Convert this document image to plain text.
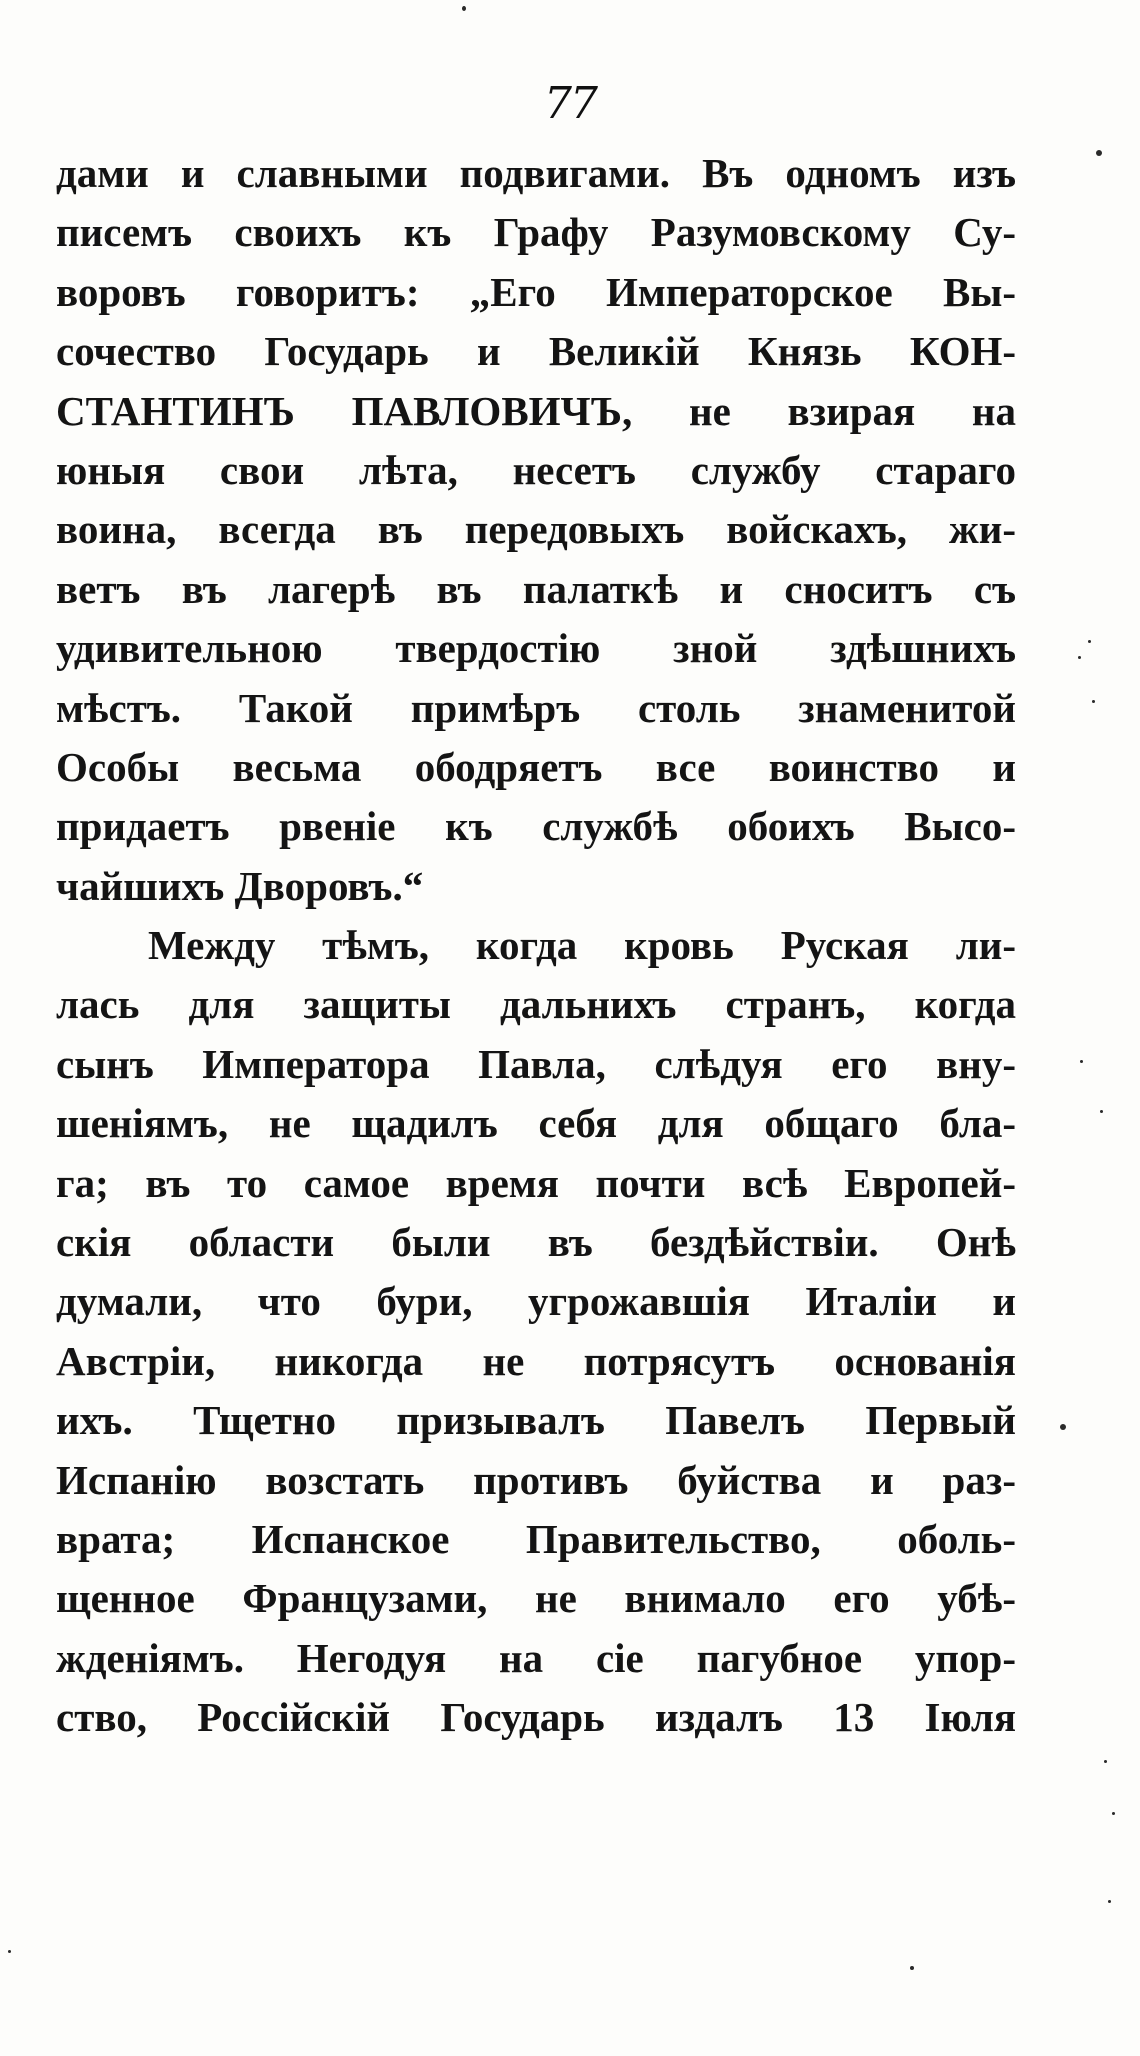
77
дами и славными подвигами. Въ одномъ изъ
писемъ своихъ къ Графу Разумовскому Су-
воровъ говоритъ: „Его Императорское Вы-
сочество Государь и Великій Князь КОН-
СТАНТИНЪ ПАВЛОВИЧЪ, не взирая на
юныя свои лѣта, несетъ службу стараго
воина, всегда въ передовыхъ войскахъ, жи-
ветъ въ лагерѣ въ палаткѣ и сноситъ съ
удивительною твердостію зной здѣшнихъ
мѣстъ. Такой примѣръ столь знаменитой
Особы весьма ободряетъ все воинство и
придаетъ рвеніе къ службѣ обоихъ Высо-
чайшихъ Дворовъ.“
Между тѣмъ, когда кровь Руская ли-
лась для защиты дальнихъ странъ, когда
сынъ Императора Павла, слѣдуя его вну-
шеніямъ, не щадилъ себя для общаго бла-
га; въ то самое время почти всѣ Европей-
скія области были въ бездѣйствіи. Онѣ
думали, что бури, угрожавшія Италіи и
Австріи, никогда не потрясутъ основанія
ихъ. Тщетно призывалъ Павелъ Первый
Испанію возстать противъ буйства и раз-
врата; Испанское Правительство, оболь-
щенное Французами, не внимало его убѣ-
жденіямъ. Негодуя на сіе пагубное упор-
ство, Россійскій Государь издалъ 13 Іюля
